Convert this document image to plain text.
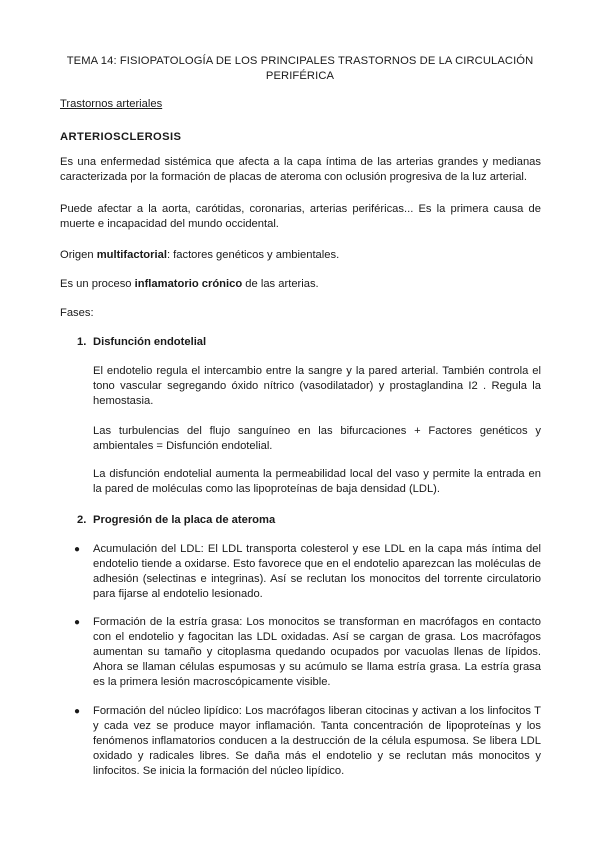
TEMA 14: FISIOPATOLOGÍA DE LOS PRINCIPALES TRASTORNOS DE LA CIRCULACIÓN PERIFÉRICA

Trastornos arteriales

ARTERIOSCLEROSIS

Es una enfermedad sistémica que afecta a la capa íntima de las arterias grandes y medianas caracterizada por la formación de placas de ateroma con oclusión progresiva de la luz arterial.

Puede afectar a la aorta, carótidas, coronarias, arterias periféricas... Es la primera causa de muerte e incapacidad del mundo occidental.

Origen multifactorial: factores genéticos y ambientales.

Es un proceso inflamatorio crónico de las arterias.

Fases:

1. Disfunción endotelial

El endotelio regula el intercambio entre la sangre y la pared arterial. También controla el tono vascular segregando óxido nítrico (vasodilatador) y prostaglandina I2 . Regula la hemostasia.

Las turbulencias del flujo sanguíneo en las bifurcaciones + Factores genéticos y ambientales = Disfunción endotelial.

La disfunción endotelial aumenta la permeabilidad local del vaso y permite la entrada en la pared de moléculas como las lipoproteínas de baja densidad (LDL).

2. Progresión de la placa de ateroma

● Acumulación del LDL: El LDL transporta colesterol y ese LDL en la capa más íntima del endotelio tiende a oxidarse. Esto favorece que en el endotelio aparezcan las moléculas de adhesión (selectinas e integrinas). Así se reclutan los monocitos del torrente circulatorio para fijarse al endotelio lesionado.

● Formación de la estría grasa: Los monocitos se transforman en macrófagos en contacto con el endotelio y fagocitan las LDL oxidadas. Así se cargan de grasa. Los macrófagos aumentan su tamaño y citoplasma quedando ocupados por vacuolas llenas de lípidos. Ahora se llaman células espumosas y su acúmulo se llama estría grasa. La estría grasa es la primera lesión macroscópicamente visible.

● Formación del núcleo lipídico: Los macrófagos liberan citocinas y activan a los linfocitos T y cada vez se produce mayor inflamación. Tanta concentración de lipoproteínas y los fenómenos inflamatorios conducen a la destrucción de la célula espumosa. Se libera LDL oxidado y radicales libres. Se daña más el endotelio y se reclutan más monocitos y linfocitos. Se inicia la formación del núcleo lipídico.
